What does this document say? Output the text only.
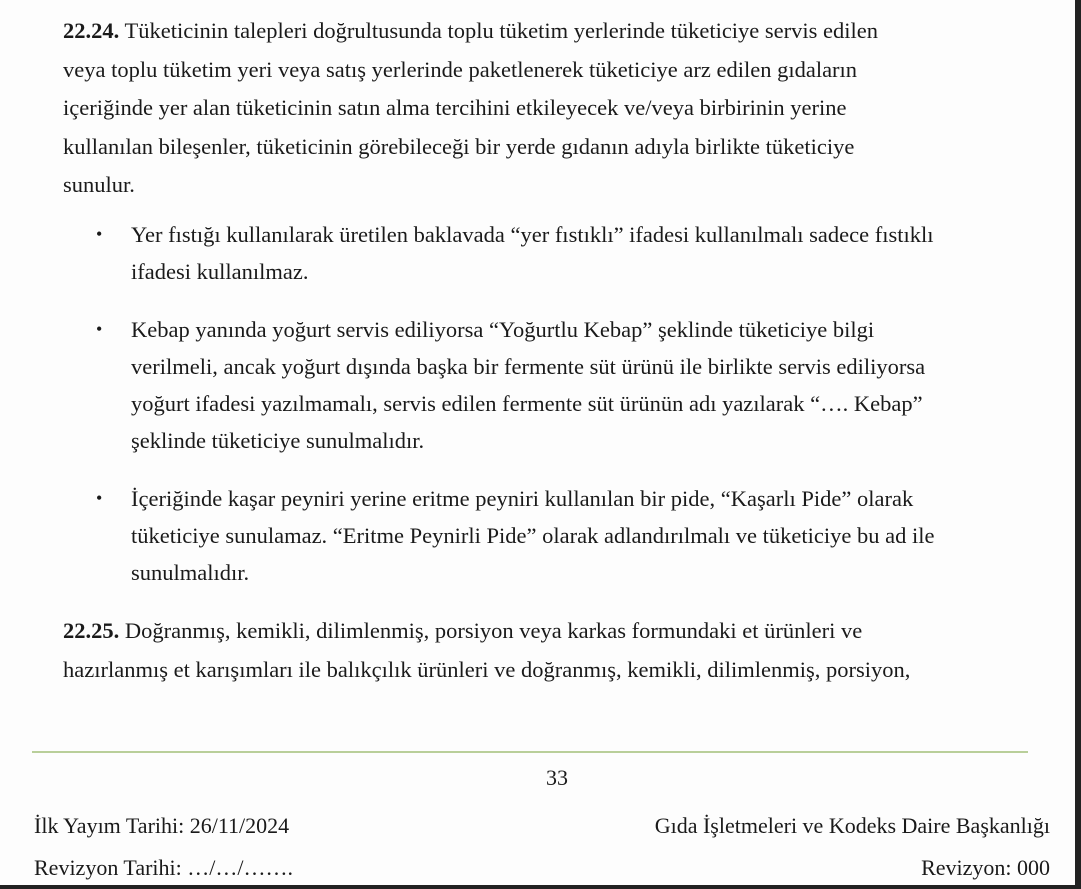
22.24. Tüketicinin talepleri doğrultusunda toplu tüketim yerlerinde tüketiciye servis edilen
veya toplu tüketim yeri veya satış yerlerinde paketlenerek tüketiciye arz edilen gıdaların
içeriğinde yer alan tüketicinin satın alma tercihini etkileyecek ve/veya birbirinin yerine
kullanılan bileşenler, tüketicinin görebileceği bir yerde gıdanın adıyla birlikte tüketiciye
sunulur.
• Yer fıstığı kullanılarak üretilen baklavada “yer fıstıklı” ifadesi kullanılmalı sadece fıstıklı
ifadesi kullanılmaz.
• Kebap yanında yoğurt servis ediliyorsa “Yoğurtlu Kebap” şeklinde tüketiciye bilgi
verilmeli, ancak yoğurt dışında başka bir fermente süt ürünü ile birlikte servis ediliyorsa
yoğurt ifadesi yazılmamalı, servis edilen fermente süt ürünün adı yazılarak “…. Kebap”
şeklinde tüketiciye sunulmalıdır.
• İçeriğinde kaşar peyniri yerine eritme peyniri kullanılan bir pide, “Kaşarlı Pide” olarak
tüketiciye sunulamaz. “Eritme Peynirli Pide” olarak adlandırılmalı ve tüketiciye bu ad ile
sunulmalıdır.
22.25. Doğranmış, kemikli, dilimlenmiş, porsiyon veya karkas formundaki et ürünleri ve
hazırlanmış et karışımları ile balıkçılık ürünleri ve doğranmış, kemikli, dilimlenmiş, porsiyon,
33
İlk Yayım Tarihi: 26/11/2024	Gıda İşletmeleri ve Kodeks Daire Başkanlığı
Revizyon Tarihi: …/…/…….	Revizyon: 000
